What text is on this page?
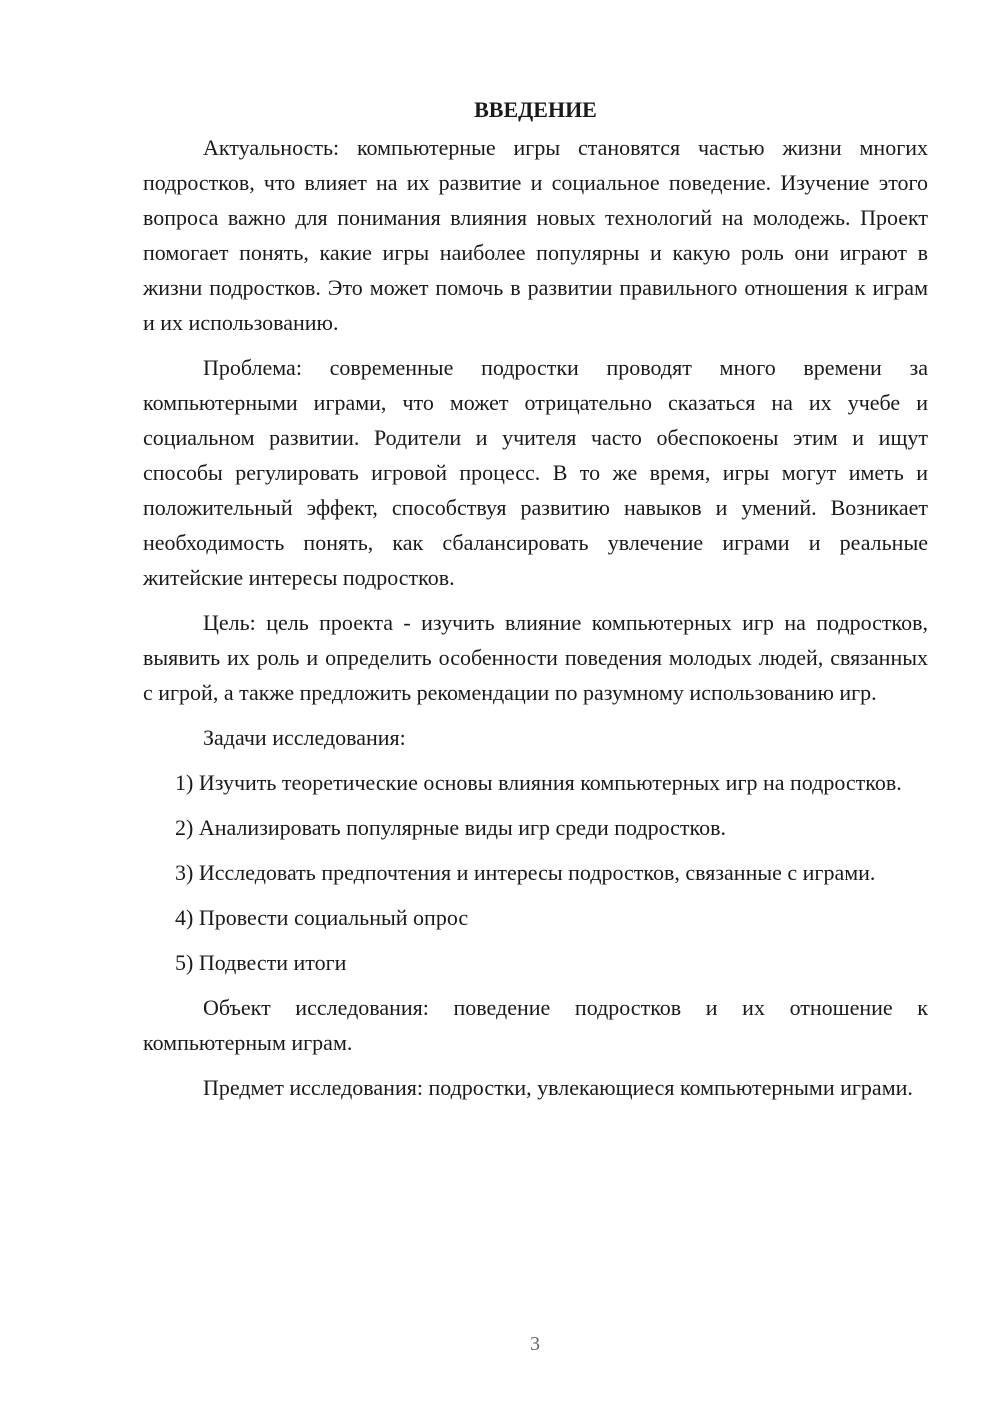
ВВЕДЕНИЕ

Актуальность: компьютерные игры становятся частью жизни многих подростков, что влияет на их развитие и социальное поведение. Изучение этого вопроса важно для понимания влияния новых технологий на молодежь. Проект помогает понять, какие игры наиболее популярны и какую роль они играют в жизни подростков. Это может помочь в развитии правильного отношения к играм и их использованию.

Проблема: современные подростки проводят много времени за компьютерными играми, что может отрицательно сказаться на их учебе и социальном развитии. Родители и учителя часто обеспокоены этим и ищут способы регулировать игровой процесс. В то же время, игры могут иметь и положительный эффект, способствуя развитию навыков и умений. Возникает необходимость понять, как сбалансировать увлечение играми и реальные житейские интересы подростков.

Цель: цель проекта - изучить влияние компьютерных игр на подростков, выявить их роль и определить особенности поведения молодых людей, связанных с игрой, а также предложить рекомендации по разумному использованию игр.

Задачи исследования:

1) Изучить теоретические основы влияния компьютерных игр на подростков.

2) Анализировать популярные виды игр среди подростков.

3) Исследовать предпочтения и интересы подростков, связанные с играми.

4) Провести социальный опрос

5) Подвести итоги

Объект исследования: поведение подростков и их отношение к компьютерным играм.

Предмет исследования: подростки, увлекающиеся компьютерными играми.

3
